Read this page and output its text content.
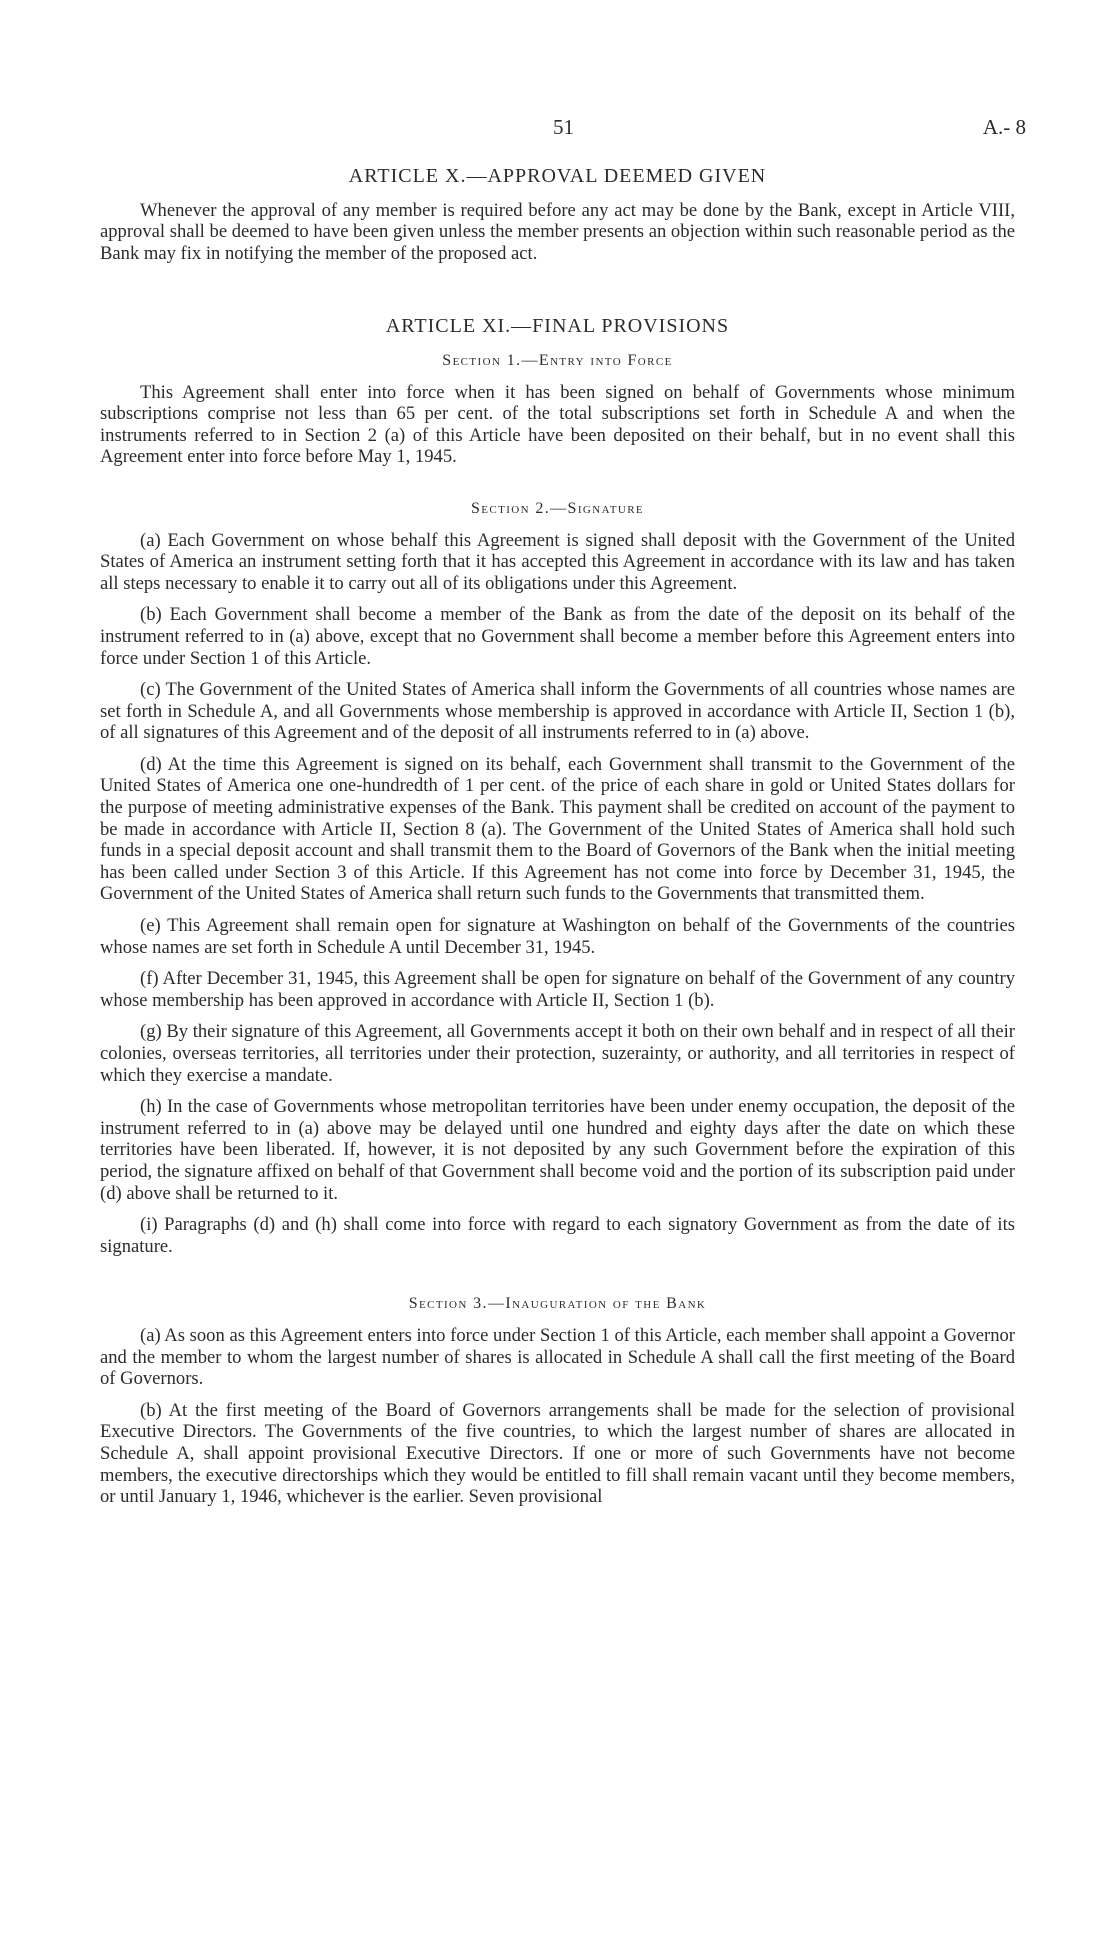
51	A.- 8
ARTICLE X.—APPROVAL DEEMED GIVEN

Whenever the approval of any member is required before any act may be done by the Bank, except in Article VIII, approval shall be deemed to have been given unless the member presents an objection within such reasonable period as the Bank may fix in notifying the member of the proposed act.

ARTICLE XI.—FINAL PROVISIONS
Section 1.—Entry into Force

This Agreement shall enter into force when it has been signed on behalf of Governments whose minimum subscriptions comprise not less than 65 per cent. of the total subscriptions set forth in Schedule A and when the instruments referred to in Section 2 (a) of this Article have been deposited on their behalf, but in no event shall this Agreement enter into force before May 1, 1945.

Section 2.—Signature

(a) Each Government on whose behalf this Agreement is signed shall deposit with the Government of the United States of America an instrument setting forth that it has accepted this Agreement in accordance with its law and has taken all steps necessary to enable it to carry out all of its obligations under this Agreement.

(b) Each Government shall become a member of the Bank as from the date of the deposit on its behalf of the instrument referred to in (a) above, except that no Government shall become a member before this Agreement enters into force under Section 1 of this Article.

(c) The Government of the United States of America shall inform the Governments of all countries whose names are set forth in Schedule A, and all Governments whose membership is approved in accordance with Article II, Section 1 (b), of all signatures of this Agreement and of the deposit of all instruments referred to in (a) above.

(d) At the time this Agreement is signed on its behalf, each Government shall transmit to the Government of the United States of America one one-hundredth of 1 per cent. of the price of each share in gold or United States dollars for the purpose of meeting administrative expenses of the Bank. This payment shall be credited on account of the payment to be made in accordance with Article II, Section 8 (a). The Government of the United States of America shall hold such funds in a special deposit account and shall transmit them to the Board of Governors of the Bank when the initial meeting has been called under Section 3 of this Article. If this Agreement has not come into force by December 31, 1945, the Government of the United States of America shall return such funds to the Governments that transmitted them.

(e) This Agreement shall remain open for signature at Washington on behalf of the Governments of the countries whose names are set forth in Schedule A until December 31, 1945.

(f) After December 31, 1945, this Agreement shall be open for signature on behalf of the Government of any country whose membership has been approved in accordance with Article II, Section 1 (b).

(g) By their signature of this Agreement, all Governments accept it both on their own behalf and in respect of all their colonies, overseas territories, all territories under their protection, suzerainty, or authority, and all territories in respect of which they exercise a mandate.

(h) In the case of Governments whose metropolitan territories have been under enemy occupation, the deposit of the instrument referred to in (a) above may be delayed until one hundred and eighty days after the date on which these territories have been liberated. If, however, it is not deposited by any such Government before the expiration of this period, the signature affixed on behalf of that Government shall become void and the portion of its subscription paid under (d) above shall be returned to it.

(i) Paragraphs (d) and (h) shall come into force with regard to each signatory Government as from the date of its signature.

Section 3.—Inauguration of the Bank

(a) As soon as this Agreement enters into force under Section 1 of this Article, each member shall appoint a Governor and the member to whom the largest number of shares is allocated in Schedule A shall call the first meeting of the Board of Governors.

(b) At the first meeting of the Board of Governors arrangements shall be made for the selection of provisional Executive Directors. The Governments of the five countries, to which the largest number of shares are allocated in Schedule A, shall appoint provisional Executive Directors. If one or more of such Governments have not become members, the executive directorships which they would be entitled to fill shall remain vacant until they become members, or until January 1, 1946, whichever is the earlier. Seven provisional
